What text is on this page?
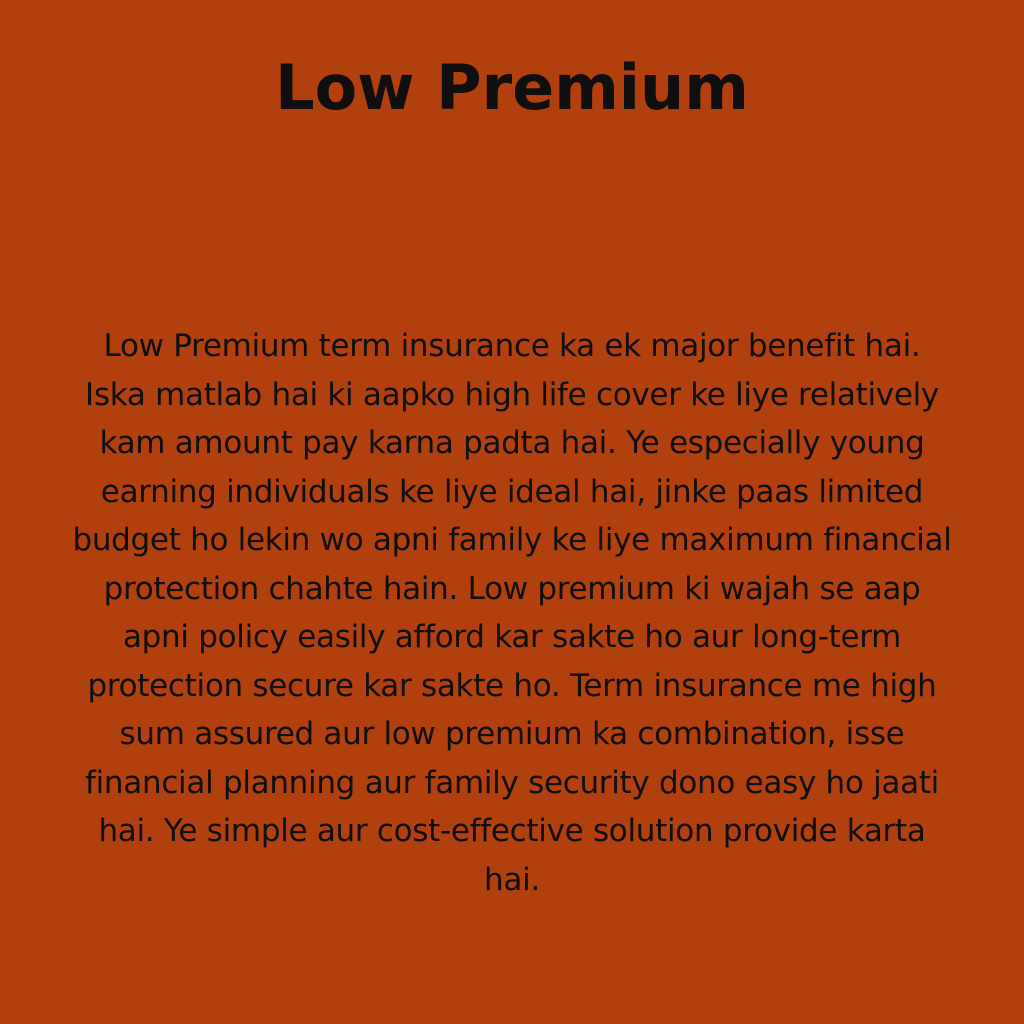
Low Premium
Low Premium term insurance ka ek major benefit hai.
Iska matlab hai ki aapko high life cover ke liye relatively
kam amount pay karna padta hai. Ye especially young
earning individuals ke liye ideal hai, jinke paas limited
budget ho lekin wo apni family ke liye maximum financial
protection chahte hain. Low premium ki wajah se aap
apni policy easily afford kar sakte ho aur long-term
protection secure kar sakte ho. Term insurance me high
sum assured aur low premium ka combination, isse
financial planning aur family security dono easy ho jaati
hai. Ye simple aur cost-effective solution provide karta
hai.
